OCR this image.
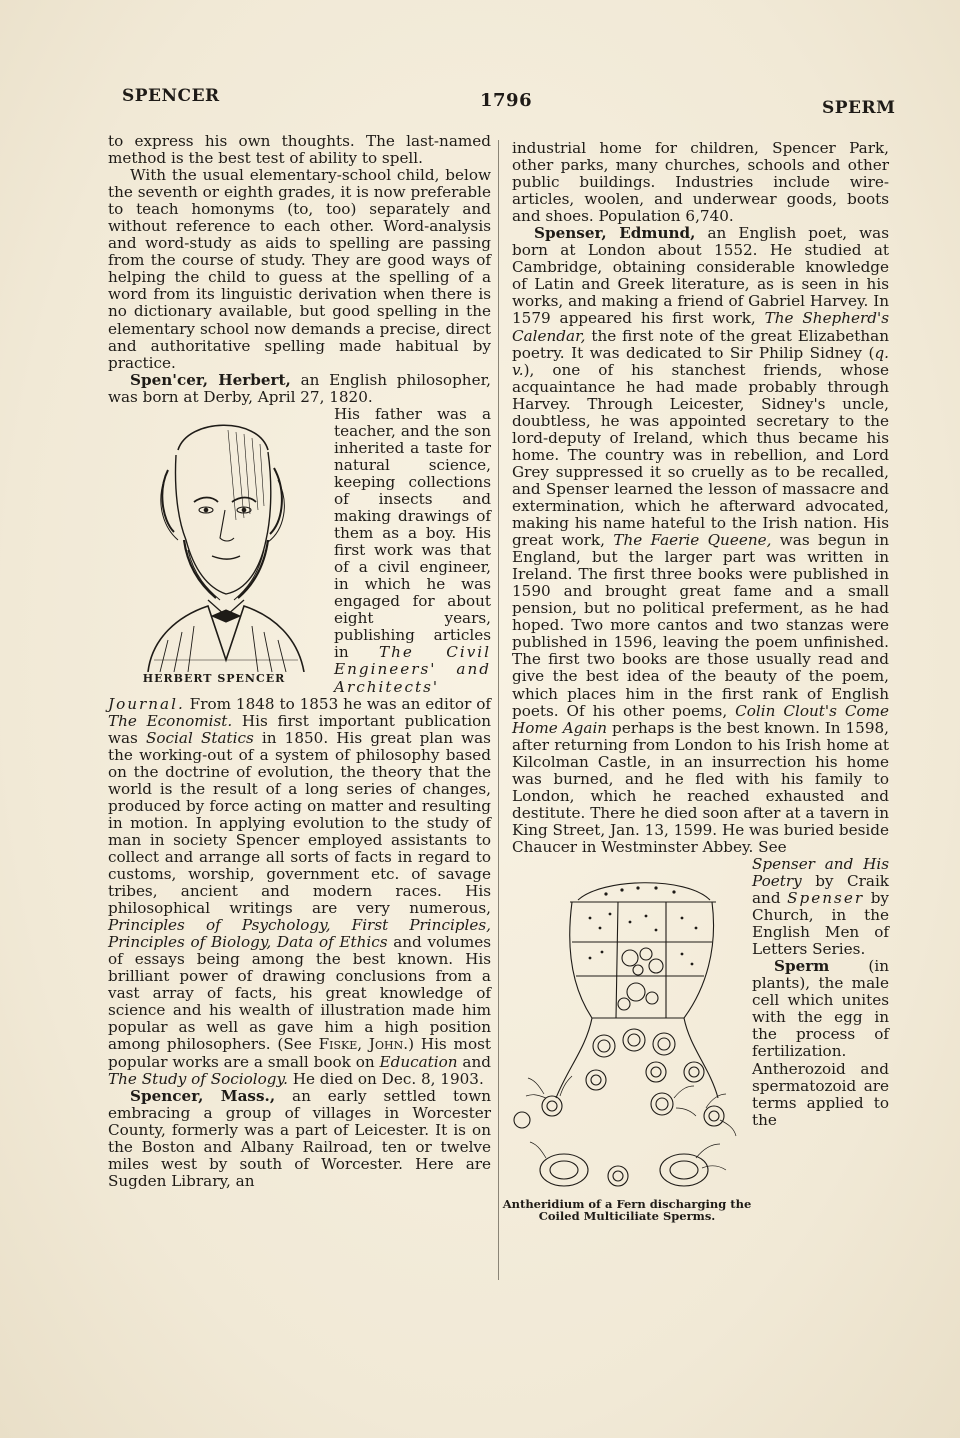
SPENCER	1796	SPERM

to express his own thoughts. The last-named method is the best test of ability to spell.

With the usual elementary-school child, below the seventh or eighth grades, it is now preferable to teach homonyms (to, too) separately and without reference to each other. Word-analysis and word-study as aids to spelling are passing from the course of study. They are good ways of helping the child to guess at the spelling of a word from its linguistic derivation when there is no dictionary available, but good spelling in the elementary school now demands a precise, direct and authoritative spelling made habitual by practice.

Spen'cer, Herbert, an English philosopher, was born at Derby, April 27, 1820.

HERBERT SPENCER

His father was a teacher, and the son inherited a taste for natural science, keeping collections of insects and making drawings of them as a boy. His first work was that of a civil engineer, in which he was engaged for about eight years, publishing articles in The Civil Engineers' and Architects' Journal. From 1848 to 1853 he was an editor of The Economist. His first important publication was Social Statics in 1850. His great plan was the working-out of a system of philosophy based on the doctrine of evolution, the theory that the world is the result of a long series of changes, produced by force acting on matter and resulting in motion. In applying evolution to the study of man in society Spencer employed assistants to collect and arrange all sorts of facts in regard to customs, worship, government etc. of savage tribes, ancient and modern races. His philosophical writings are very numerous, Principles of Psychology, First Principles, Principles of Biology, Data of Ethics and volumes of essays being among the best known. His brilliant power of drawing conclusions from a vast array of facts, his great knowledge of science and his wealth of illustration made him popular as well as gave him a high position among philosophers. (See Fiske, John.) His most popular works are a small book on Education and The Study of Sociology. He died on Dec. 8, 1903.

Spencer, Mass., an early settled town embracing a group of villages in Worcester County, formerly was a part of Leicester. It is on the Boston and Albany Railroad, ten or twelve miles west by south of Worcester. Here are Sugden Library, an

industrial home for children, Spencer Park, other parks, many churches, schools and other public buildings. Industries include wire-articles, woolen, and underwear goods, boots and shoes. Population 6,740.

Spenser, Edmund, an English poet, was born at London about 1552. He studied at Cambridge, obtaining considerable knowledge of Latin and Greek literature, as is seen in his works, and making a friend of Gabriel Harvey. In 1579 appeared his first work, The Shepherd's Calendar, the first note of the great Elizabethan poetry. It was dedicated to Sir Philip Sidney (q. v.), one of his stanchest friends, whose acquaintance he had made probably through Harvey. Through Leicester, Sidney's uncle, doubtless, he was appointed secretary to the lord-deputy of Ireland, which thus became his home. The country was in rebellion, and Lord Grey suppressed it so cruelly as to be recalled, and Spenser learned the lesson of massacre and extermination, which he afterward advocated, making his name hateful to the Irish nation. His great work, The Faerie Queene, was begun in England, but the larger part was written in Ireland. The first three books were published in 1590 and brought great fame and a small pension, but no political preferment, as he had hoped. Two more cantos and two stanzas were published in 1596, leaving the poem unfinished. The first two books are those usually read and give the best idea of the beauty of the poem, which places him in the first rank of English poets. Of his other poems, Colin Clout's Come Home Again perhaps is the best known. In 1598, after returning from London to his Irish home at Kilcolman Castle, in an insurrection his home was burned, and he fled with his family to London, which he reached exhausted and destitute. There he died soon after at a tavern in King Street, Jan. 13, 1599. He was buried beside Chaucer in Westminster Abbey. See

Antheridium of a Fern discharging the Coiled Multiciliate Sperms.

Spenser and His Poetry by Craik and Spenser by Church, in the English Men of Letters Series.

Sperm (in plants), the male cell which unites with the egg in the process of fertilization. Antherozoid and spermatozoid are terms applied to the
